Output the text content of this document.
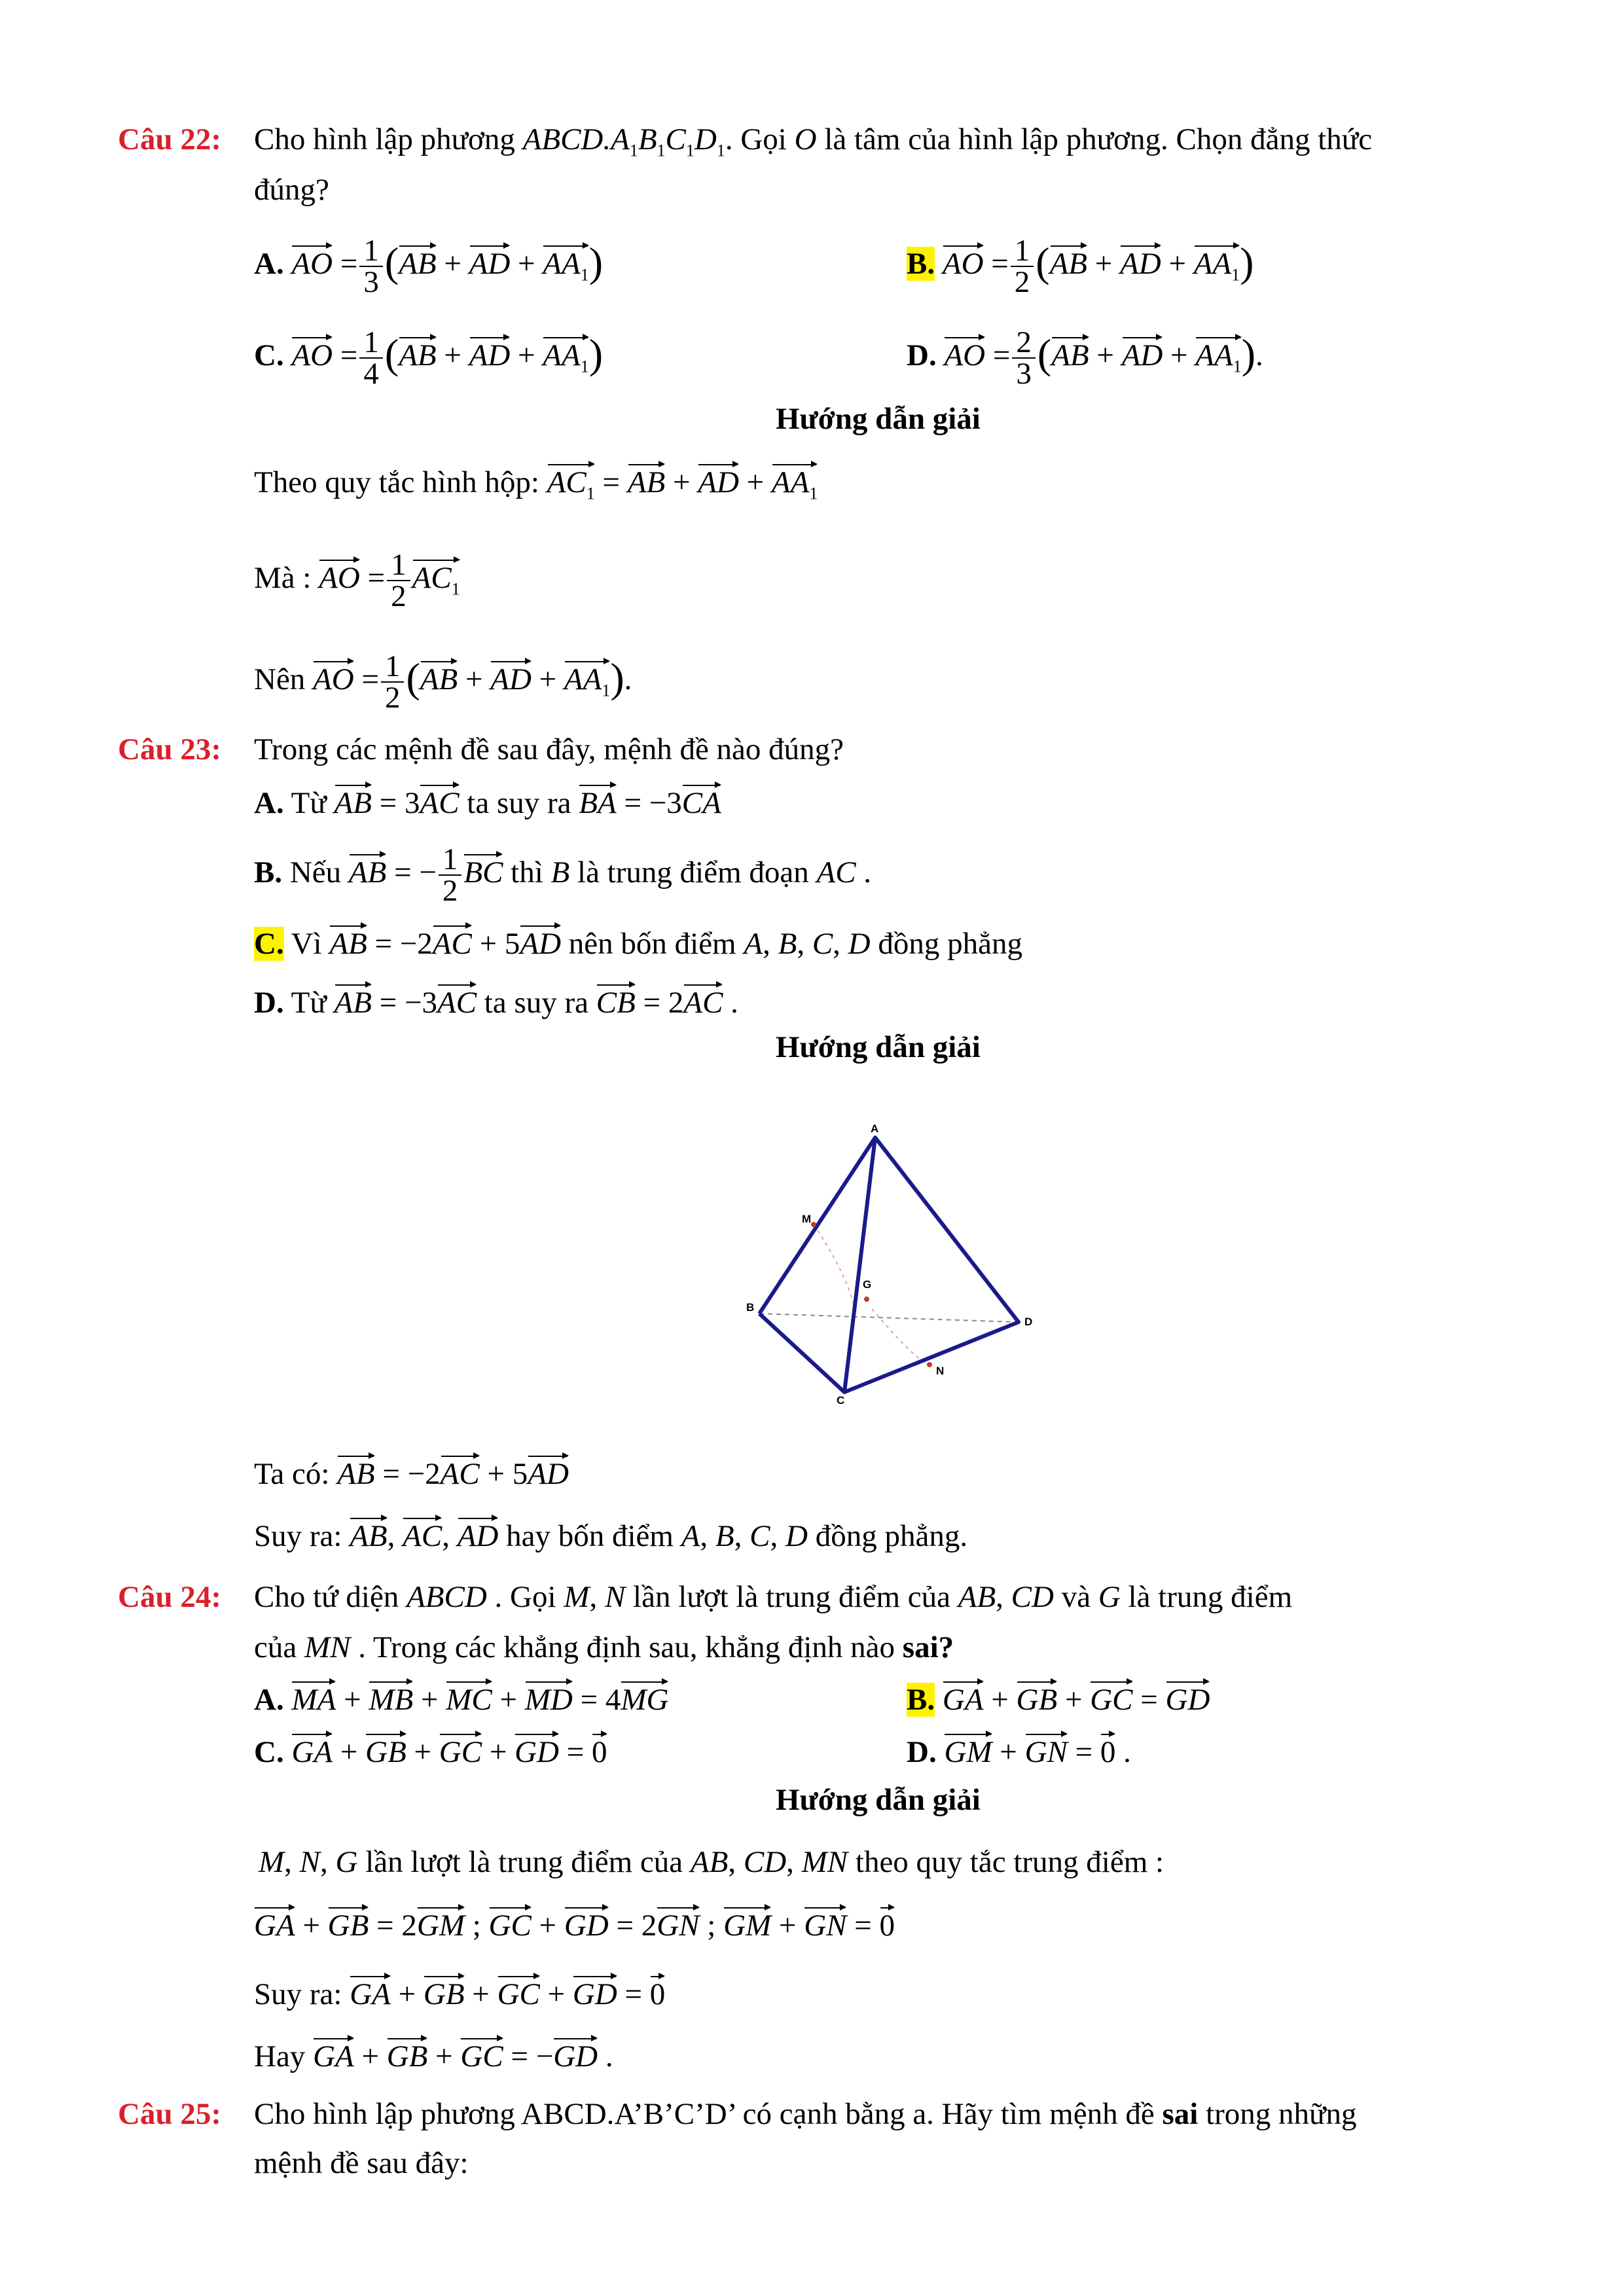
Câu 22: Cho hình lập phương $ABCD.A_1B_1C_1D_1$. Gọi O là tâm của hình lập phương. Chọn đẳng thức
đúng?
A. AO = $\frac{1}{3} (AB$ + AD + $AA_1$)	B. AO = $\frac{1}{2} (AB$ + AD + $AA_1$)
C. AO = $\frac{1}{4} (AB$ + AD + $AA_1$)	D. AO = $\frac{2}{3} (AB$ + AD + $AA_1$).
Hướng dẫn giải
Theo quy tắc hình hộp: $AC_1$ = AB + AD + $AA_1$
Mà : AO = $\frac{1}{2} AC_1$
Nên AO = $\frac{1}{2} (AB$ + AD + $AA_1$).
Câu 23: Trong các mệnh đề sau đây, mệnh đề nào đúng?
A. Từ AB = 3AC ta suy ra BA = −3CA
B. Nếu AB = − $\frac{1}{2}$ BC thì B là trung điểm đoạn AC .
C. Vì AB = −2AC + 5AD nên bốn điểm A, B, C, D đồng phẳng
D. Từ AB = −3AC ta suy ra CB = 2AC .
Hướng dẫn giải
A
M
G
B
D
N
C
Ta có: AB = −2AC + 5AD
Suy ra: AB, AC, AD hay bốn điểm A, B, C, D đồng phẳng.
Câu 24: Cho tứ diện ABCD . Gọi M, N lần lượt là trung điểm của AB, CD và G là trung điểm
của MN . Trong các khẳng định sau, khẳng định nào sai?
A. MA + MB + MC + MD = 4MG	B. GA + GB + GC = GD
C. GA + GB + GC + GD = 0	D. GM + GN = 0 .
Hướng dẫn giải
M, N, G lần lượt là trung điểm của AB, CD, MN theo quy tắc trung điểm :
GA + GB = 2GM ; GC + GD = 2GN ; GM + GN = 0
Suy ra: GA + GB + GC + GD = 0
Hay GA + GB + GC = −GD .
Câu 25: Cho hình lập phương ABCD.A’B’C’D’ có cạnh bằng a. Hãy tìm mệnh đề sai trong những
mệnh đề sau đây:
